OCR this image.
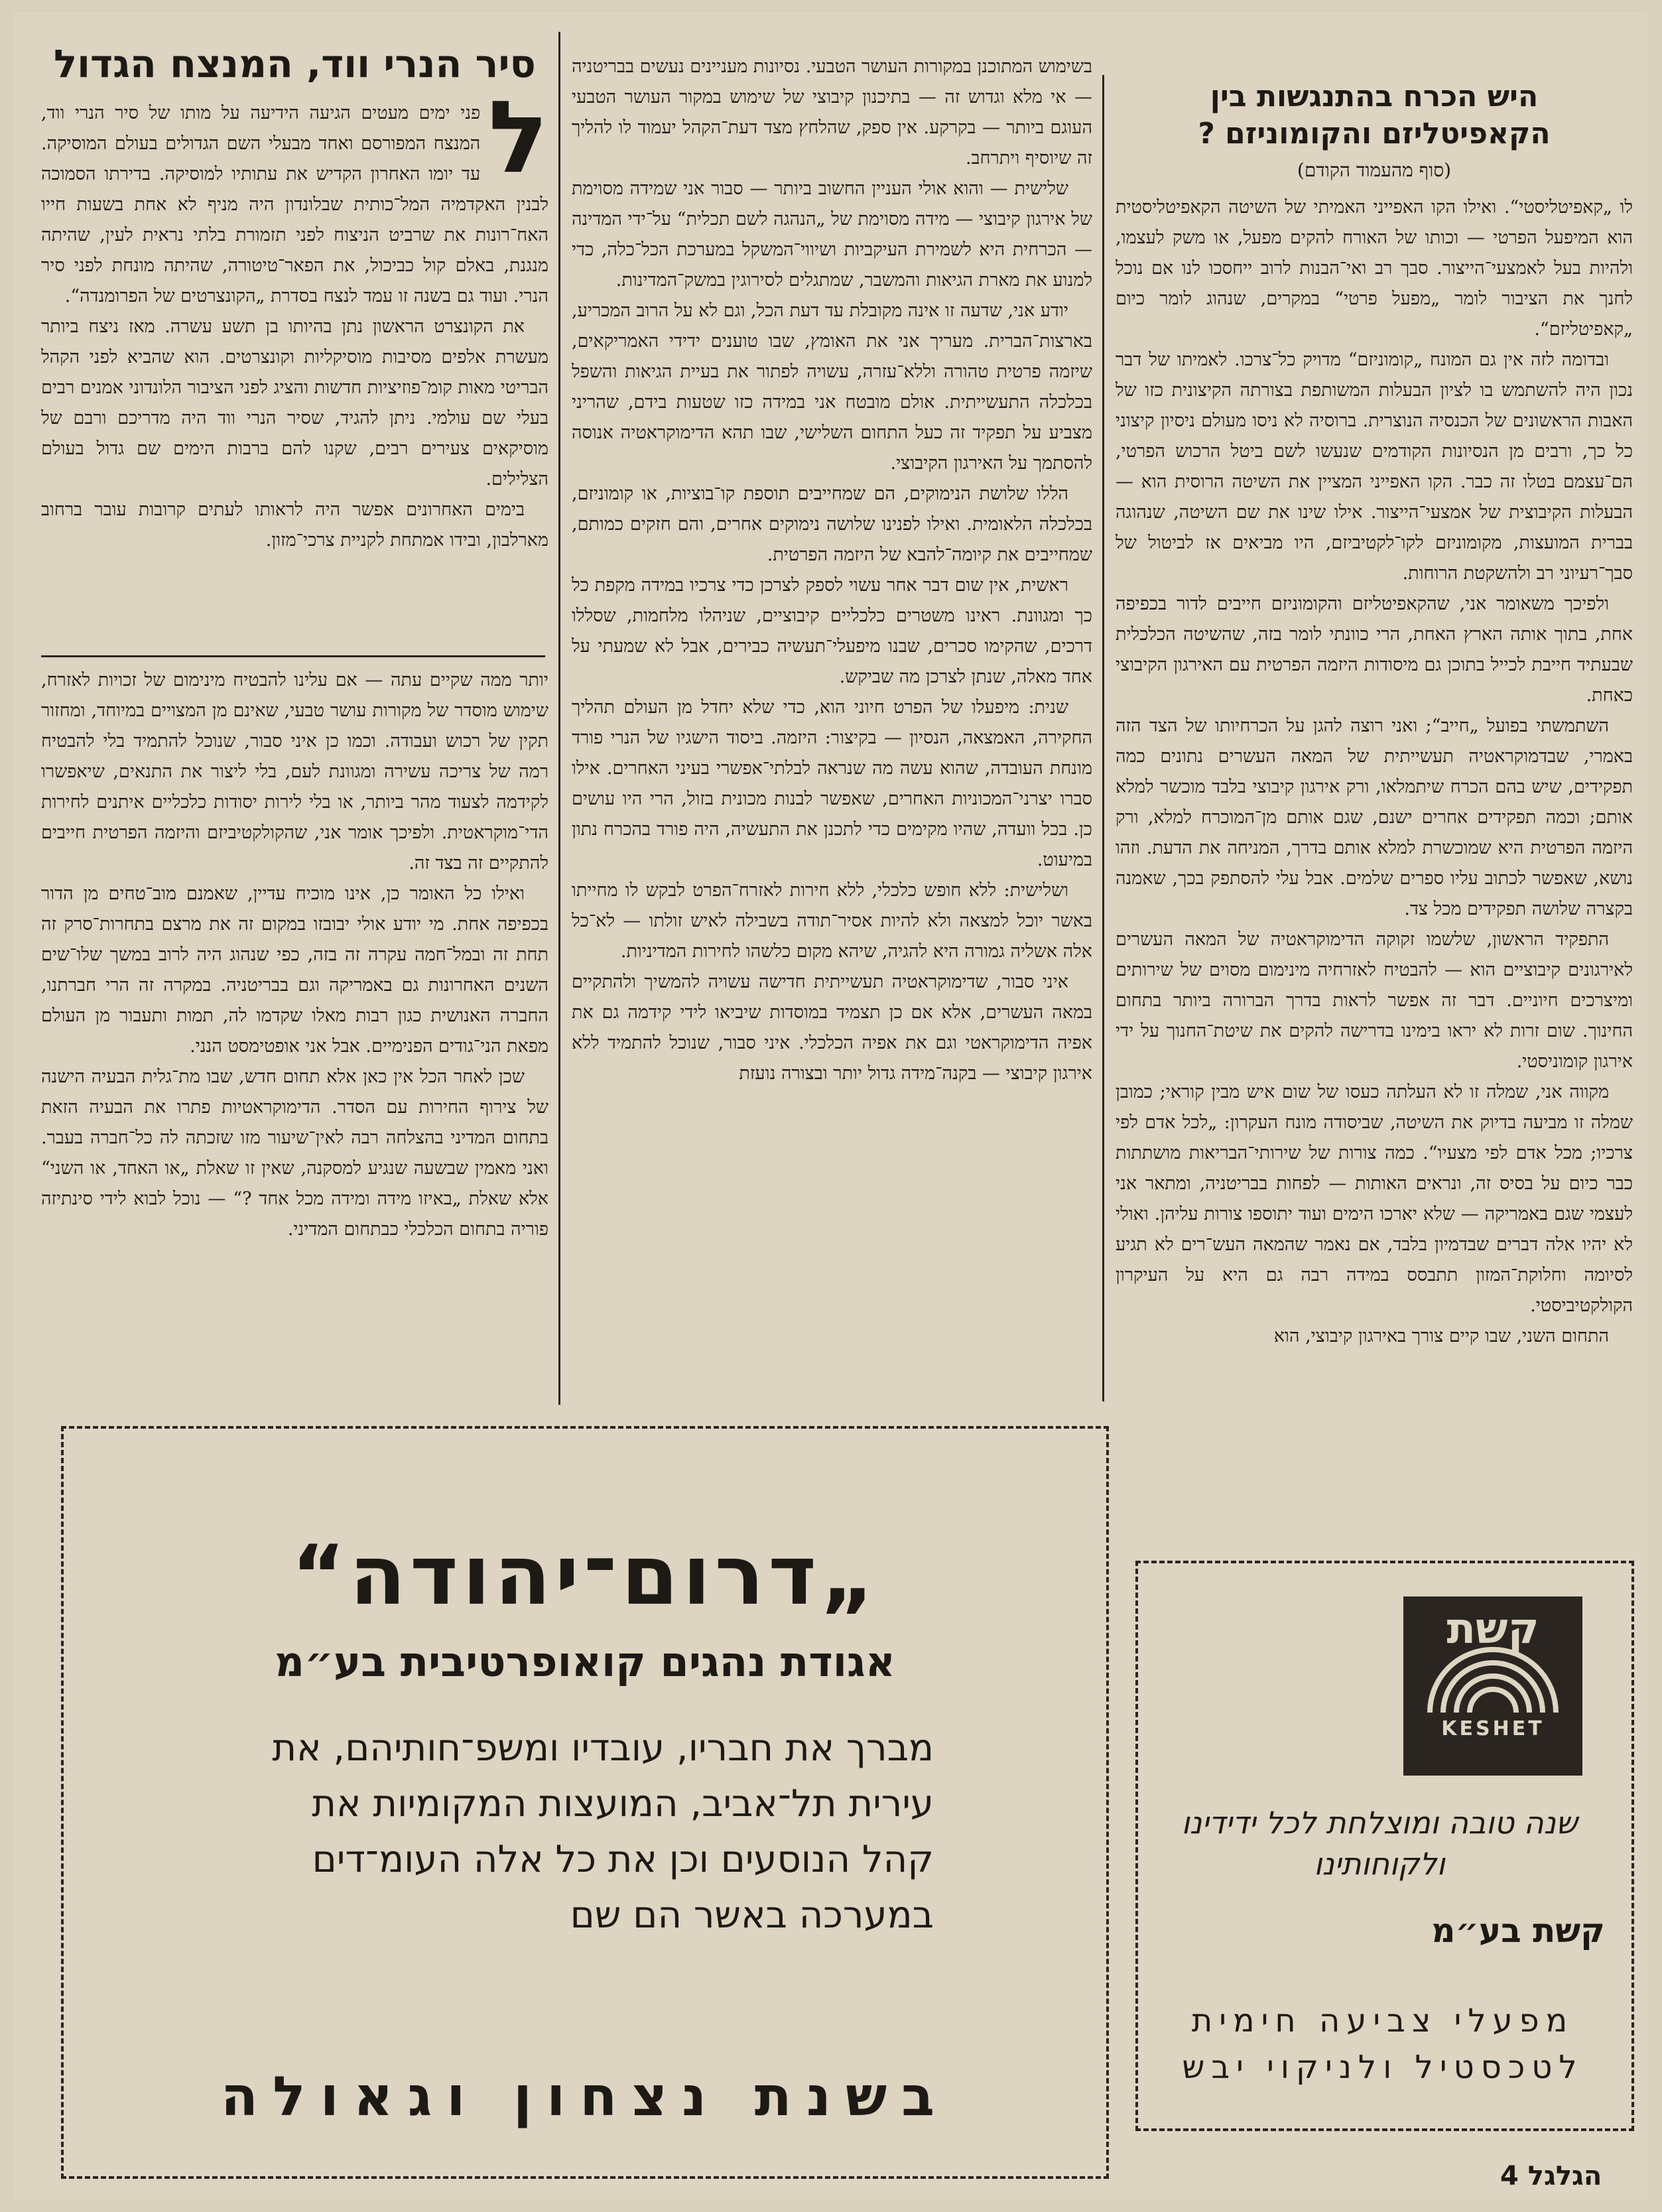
היש הכרח בהתנגשות בין הקאפיטליזם והקומוניזם ?
(סוף מהעמוד הקודם)

לו „קאפיטליסטי“. ואילו הקו האפייני האמיתי של השיטה הקאפיטליסטית הוא המיפעל הפרטי — וכותו של האורח להקים מפעל, או משק לעצמו, ולהיות בעל לאמצעי־הייצור. סבך רב ואי־הבנות לרוב ייחסכו לנו אם נוכל לחנך את הציבור לומר „מפעל פרטי“ במקרים, שנהוג לומר כיום „קאפיטליזם“.

ובדומה לזה אין גם המונח „קומוניזם“ מדויק כל־צרכו. לאמיתו של דבר נכון היה להשתמש בו לציון הבעלות המשותפת בצורתה הקיצונית כזו של האבות הראשונים של הכנסיה הנוצרית. ברוסיה לא ניסו מעולם ניסיון קיצוני כל כך, ורבים מן הנסיונות הקודמים שנעשו לשם ביטל הרכוש הפרטי, הם־עצמם בטלו זה כבר. הקו האפייני המציין את השיטה הרוסית הוא — הבעלות הקיבוצית של אמצעי־הייצור. אילו שינו את שם השיטה, שנהוגה בברית המועצות, מקומוניזם לקו־לקטיביזם, היו מביאים אז לביטול של סבך־רעיוני רב ולהשקטת הרוחות.

ולפיכך משאומר אני, שהקאפיטליזם והקומוניזם חייבים לדור בכפיפה אחת, בתוך אותה הארץ האחת, הרי כוונתי לומר בזה, שהשיטה הכלכלית שבעתיד חייבת לכייל בתוכן גם מיסודות היזמה הפרטית עם האירגון הקיבוצי כאחת.

השתמשתי בפועל „חייב“; ואני רוצה להגן על הכרחיותו של הצד הזה באמרי, שבדמוקראטיה תעשייתית של המאה העשרים נתונים כמה תפקידים, שיש בהם הכרח שיתמלאו, ורק אירגון קיבוצי בלבד מוכשר למלא אותם; וכמה תפקידים אחרים ישנם, שגם אותם מן־המוכרח למלא, ורק היזמה הפרטית היא שמוכשרת למלא אותם בדרך, המניחה את הדעת. וזהו נושא, שאפשר לכתוב עליו ספרים שלמים. אבל עלי להסתפק בכך, שאמנה בקצרה שלושה תפקידים מכל צד.

התפקיד הראשון, שלשמו זקוקה הדימוקראטיה של המאה העשרים לאירגונים קיבוציים הוא — להבטיח לאזרחיה מינימום מסוים של שירותים ומיצרכים חיוניים. דבר זה אפשר לראות בדרך הברורה ביותר בתחום החינוך. שום זרות לא יראו בימינו בדרישה להקים את שיטת־החנוך על ידי אירגון קומוניסטי.

מקווה אני, שמלה זו לא העלתה כעסו של שום איש מבין קוראי; כמובן שמלה זו מביעה בדיוק את השיטה, שביסודה מונח העקרון: „לכל אדם לפי צרכיו; מכל אדם לפי מצעיו“. כמה צורות של שירותי־הבריאות מושתתות כבר כיום על בסיס זה, ונראים האותות — לפחות בבריטניה, ומתאר אני לעצמי שגם באמריקה — שלא יארכו הימים ועוד יתוספו צורות עליהן. ואולי לא יהיו אלה דברים שבדמיון בלבד, אם נאמר שהמאה העש־רים לא תגיע לסיומה וחלוקת־המזון תתבסס במידה רבה גם היא על העיקרון הקולקטיביסטי.

התחום השני, שבו קיים צורך באירגון קיבוצי, הוא

בשימוש המתוכנן במקורות העושר הטבעי. נסיונות מעניינים נעשים בבריטניה — אי מלא וגדוש זה — בתיכנון קיבוצי של שימוש במקור העושר הטבעי העוגם ביותר — בקרקע. אין ספק, שהלחץ מצד דעת־הקהל יעמוד לו להליך זה שיוסיף ויתרחב.

שלישית — והוא אולי העניין החשוב ביותר — סבור אני שמידה מסוימת של אירגון קיבוצי — מידה מסוימת של „הנהגה לשם תכלית“ על־ידי המדינה — הכרחית היא לשמירת העיקביות ושיווי־המשקל במערכת הכל־כלה, כדי למנוע את מארת הגיאות והמשבר, שמתגלים לסירוגין במשק־המדינות.

יודע אני, שדעה זו אינה מקובלת עד דעת הכל, וגם לא על הרוב המכריע, בארצות־הברית. מעריך אני את האומץ, שבו טוענים ידידי האמריקאים, שיזמה פרטית טהורה וללא־עזרה, עשויה לפתור את בעיית הגיאות והשפל בכלכלה התעשייתית. אולם מובטח אני במידה כזו שטעות בידם, שהריני מצביע על תפקיד זה כעל התחום השלישי, שבו תהא הדימוקראטיה אנוסה להסתמך על האירגון הקיבוצי.

הללו שלושת הנימוקים, הם שמחייבים תוספת קו־בוציות, או קומוניזם, בכלכלה הלאומית. ואילו לפנינו שלושה נימוקים אחרים, והם חזקים כמותם, שמחייבים את קיומה־להבא של היזמה הפרטית.

ראשית, אין שום דבר אחר עשוי לספק לצרכן כדי צרכיו במידה מקפת כל כך ומגוונת. ראינו משטרים כלכליים קיבוציים, שניהלו מלחמות, שסללו דרכים, שהקימו סכרים, שבנו מיפעלי־תעשיה כבירים, אבל לא שמעתי על אחד מאלה, שנתן לצרכן מה שביקש.

שנית: מיפעלו של הפרט חיוני הוא, כדי שלא יחדל מן העולם תהליך החקירה, האמצאה, הנסיון — בקיצור: היזמה. ביסוד הישגיו של הנרי פורד מונחת העובדה, שהוא עשה מה שנראה לבלתי־אפשרי בעיני האחרים. אילו סברו יצרני־המכוניות האחרים, שאפשר לבנות מכונית בזול, הרי היו עושים כן. בכל וועדה, שהיו מקימים כדי לתכנן את התעשיה, היה פורד בהכרח נתון במיעוט.

ושלישית: ללא חופש כלכלי, ללא חירות לאזרח־הפרט לבקש לו מחייתו באשר יוכל למצאה ולא להיות אסיר־תודה בשבילה לאיש זולתו — לא־כל אלה אשליה גמורה היא להגיה, שיהא מקום כלשהו לחירות המדיניות.

איני סבור, שדימוקראטיה תעשייתית חדישה עשויה להמשיך ולהתקיים במאה העשרים, אלא אם כן תצמיד במוסדות שיביאו לידי קידמה גם את אפיה הדימוקראטי וגם את אפיה הכלכלי. איני סבור, שנוכל להתמיד ללא אירגון קיבוצי — בקנה־מידה גדול יותר ובצורה נועזת

סיר הנרי ווד, המנצח הגדול
ל

פני ימים מעטים הגיעה הידיעה על מותו של סיר הנרי ווד, המנצח המפורסם ואחד מבעלי השם הגדולים בעולם המוסיקה. עד יומו האחרון הקדיש את עתותיו למוסיקה. בדירתו הסמוכה לבנין האקדמיה המל־כותית שבלונדון היה מניף לא אחת בשעות חייו האח־רונות את שרביט הניצוח לפני תזמורת בלתי נראית לעין, שהיתה מנגנת, באלם קול כביכול, את הפאר־טיטורה, שהיתה מונחת לפני סיר הנרי. ועוד גם בשנה זו עמד לנצח בסדרת „הקונצרטים של הפרומנדה“.

את הקונצרט הראשון נתן בהיותו בן תשע עשרה. מאז ניצח ביותר מעשרת אלפים מסיבות מוסיקליות וקונצרטים. הוא שהביא לפני הקהל הבריטי מאות קומ־פוזיציות חדשות והציג לפני הציבור הלונדוני אמנים רבים בעלי שם עולמי. ניתן להגיד, שסיר הנרי ווד היה מדריכם ורבם של מוסיקאים צעירים רבים, שקנו להם ברבות הימים שם גדול בעולם הצלילים.

בימים האחרונים אפשר היה לראותו לעתים קרובות עובר ברחוב מארלבון, ובידו אמתחת לקניית צרכי־מזון.

יותר ממה שקיים עתה — אם עלינו להבטיח מינימום של זכויות לאזרח, שימוש מוסדר של מקורות עושר טבעי, שאינם מן המצויים במיוחד, ומחזור תקין של רכוש ועבודה. וכמו כן איני סבור, שנוכל להתמיד בלי להבטיח רמה של צריכה עשירה ומגוונת לעם, בלי ליצור את התנאים, שיאפשרו לקידמה לצעוד מהר ביותר, או בלי לירות יסודות כלכליים איתנים לחירות הדי־מוקראטית. ולפיכך אומר אני, שהקולקטיביזם והיזמה הפרטית חייבים להתקיים זה בצד זה.

ואילו כל האומר כן, אינו מוכיח עדיין, שאמנם מוב־טחים מן הדור בכפיפה אחת. מי יודע אולי יבובזו במקום זה את מרצם בתחרות־סרק זה תחת זה ובמל־חמה עקרה זה בזה, כפי שנהוג היה לרוב במשך שלו־שים השנים האחרונות גם באמריקה וגם בבריטניה. במקרה זה הרי חברתנו, החברה האנושית כגון רבות מאלו שקדמו לה, תמות ותעבור מן העולם מפאת הני־גודים הפנימיים. אבל אני אופטימסט הנני.

שכן לאחר הכל אין כאן אלא תחום חדש, שבו מת־גלית הבעיה הישנה של צירוף החירות עם הסדר. הדימוקראטיות פתרו את הבעיה הזאת בתחום המדיני בהצלחה רבה לאין־שיעור מזו שזכתה לה כל־חברה בעבר. ואני מאמין שבשעה שנגיע למסקנה, שאין זו שאלת „או האחד, או השני“ אלא שאלת „באיזו מידה ומידה מכל אחד ?“ — נוכל לבוא לידי סינתיזה פוריה בתחום הכלכלי כבתחום המדיני.

„דרום־יהודה“
אגודת נהגים קואופרטיבית בע״מ
מברך את חבריו, עובדיו ומשפ־חותיהם, את עירית תל־אביב, המועצות המקומיות את קהל הנוסעים וכן את כל אלה העומ־דים במערכה באשר הם שם
בשנת נצחון וגאולה
קשת
KESHET
שנה טובה ומוצלחת לכל ידידינו ולקוחותינו
קשת בע״מ
מפעלי צביעה חימית לטכסטיל ולניקוי יבש
הגלגל 4
